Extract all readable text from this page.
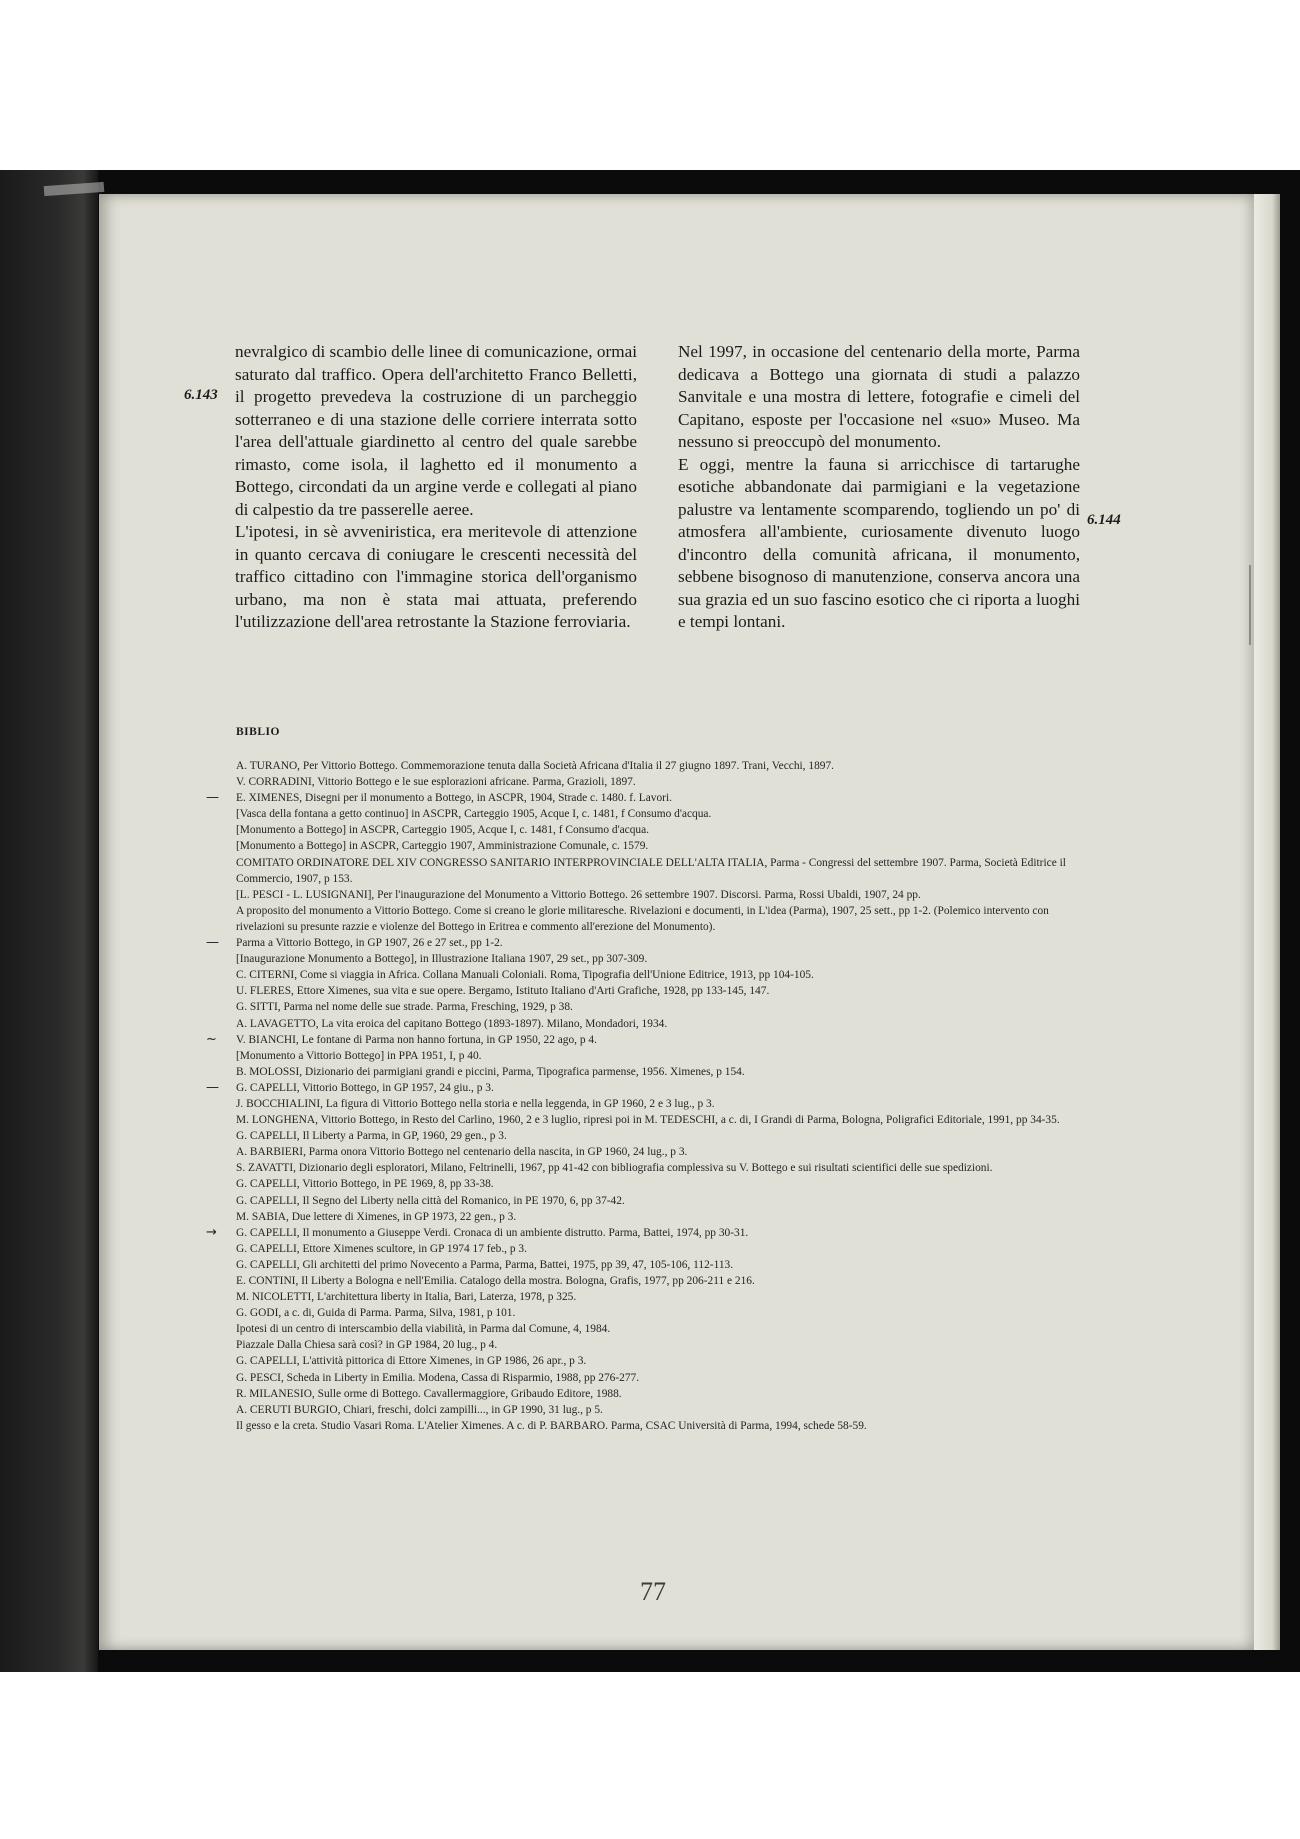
nevralgico di scambio delle linee di comunicazione, ormai saturato dal traffico. Opera dell'architetto Franco Belletti, il progetto prevedeva la costruzione di un parcheggio sotterraneo e di una stazione delle corriere interrata sotto l'area dell'attuale giardinetto al centro del quale sarebbe rimasto, come isola, il laghetto ed il monumento a Bottego, circondati da un argine verde e collegati al piano di calpestio da tre passerelle aeree.

L'ipotesi, in sè avveniristica, era meritevole di attenzione in quanto cercava di coniugare le crescenti necessità del traffico cittadino con l'immagine storica dell'organismo urbano, ma non è stata mai attuata, preferendo l'utilizzazione dell'area retrostante la Stazione ferroviaria.

Nel 1997, in occasione del centenario della morte, Parma dedicava a Bottego una giornata di studi a palazzo Sanvitale e una mostra di lettere, fotografie e cimeli del Capitano, esposte per l'occasione nel «suo» Museo. Ma nessuno si preoccupò del monumento.

E oggi, mentre la fauna si arricchisce di tartarughe esotiche abbandonate dai parmigiani e la vegetazione palustre va lentamente scomparendo, togliendo un po' di atmosfera all'ambiente, curiosamente divenuto luogo d'incontro della comunità africana, il monumento, sebbene bisognoso di manutenzione, conserva ancora una sua grazia ed un suo fascino esotico che ci riporta a luoghi e tempi lontani.

6.143
6.144
BIBLIO
A. TURANO, Per Vittorio Bottego. Commemorazione tenuta dalla Società Africana d'Italia il 27 giugno 1897. Trani, Vecchi, 1897.
V. CORRADINI, Vittorio Bottego e le sue esplorazioni africane. Parma, Grazioli, 1897.
— E. XIMENES, Disegni per il monumento a Bottego, in ASCPR, 1904, Strade c. 1480. f. Lavori.
[Vasca della fontana a getto continuo] in ASCPR, Carteggio 1905, Acque I, c. 1481, f Consumo d'acqua.
[Monumento a Bottego] in ASCPR, Carteggio 1905, Acque I, c. 1481, f Consumo d'acqua.
[Monumento a Bottego] in ASCPR, Carteggio 1907, Amministrazione Comunale, c. 1579.
COMITATO ORDINATORE DEL XIV CONGRESSO SANITARIO INTERPROVINCIALE DELL'ALTA ITALIA, Parma - Congressi del settembre 1907. Parma, Società Editrice il Commercio, 1907, p 153.
[L. PESCI - L. LUSIGNANI], Per l'inaugurazione del Monumento a Vittorio Bottego. 26 settembre 1907. Discorsi. Parma, Rossi Ubaldi, 1907, 24 pp.
A proposito del monumento a Vittorio Bottego. Come si creano le glorie militaresche. Rivelazioni e documenti, in L'idea (Parma), 1907, 25 sett., pp 1-2. (Polemico intervento con rivelazioni su presunte razzie e violenze del Bottego in Eritrea e commento all'erezione del Monumento).
— Parma a Vittorio Bottego, in GP 1907, 26 e 27 set., pp 1-2.
[Inaugurazione Monumento a Bottego], in Illustrazione Italiana 1907, 29 set., pp 307-309.
C. CITERNI, Come si viaggia in Africa. Collana Manuali Coloniali. Roma, Tipografia dell'Unione Editrice, 1913, pp 104-105.
U. FLERES, Ettore Ximenes, sua vita e sue opere. Bergamo, Istituto Italiano d'Arti Grafiche, 1928, pp 133-145, 147.
G. SITTI, Parma nel nome delle sue strade. Parma, Fresching, 1929, p 38.
A. LAVAGETTO, La vita eroica del capitano Bottego (1893-1897). Milano, Mondadori, 1934.
~ V. BIANCHI, Le fontane di Parma non hanno fortuna, in GP 1950, 22 ago, p 4.
[Monumento a Vittorio Bottego] in PPA 1951, I, p 40.
B. MOLOSSI, Dizionario dei parmigiani grandi e piccini, Parma, Tipografica parmense, 1956. Ximenes, p 154.
— G. CAPELLI, Vittorio Bottego, in GP 1957, 24 giu., p 3.
J. BOCCHIALINI, La figura di Vittorio Bottego nella storia e nella leggenda, in GP 1960, 2 e 3 lug., p 3.
M. LONGHENA, Vittorio Bottego, in Resto del Carlino, 1960, 2 e 3 luglio, ripresi poi in M. TEDESCHI, a c. di, I Grandi di Parma, Bologna, Poligrafici Editoriale, 1991, pp 34-35.
G. CAPELLI, Il Liberty a Parma, in GP, 1960, 29 gen., p 3.
A. BARBIERI, Parma onora Vittorio Bottego nel centenario della nascita, in GP 1960, 24 lug., p 3.
S. ZAVATTI, Dizionario degli esploratori, Milano, Feltrinelli, 1967, pp 41-42 con bibliografia complessiva su V. Bottego e sui risultati scientifici delle sue spedizioni.
G. CAPELLI, Vittorio Bottego, in PE 1969, 8, pp 33-38.
G. CAPELLI, Il Segno del Liberty nella città del Romanico, in PE 1970, 6, pp 37-42.
M. SABIA, Due lettere di Ximenes, in GP 1973, 22 gen., p 3.
→ G. CAPELLI, Il monumento a Giuseppe Verdi. Cronaca di un ambiente distrutto. Parma, Battei, 1974, pp 30-31.
G. CAPELLI, Ettore Ximenes scultore, in GP 1974 17 feb., p 3.
G. CAPELLI, Gli architetti del primo Novecento a Parma, Parma, Battei, 1975, pp 39, 47, 105-106, 112-113.
E. CONTINI, Il Liberty a Bologna e nell'Emilia. Catalogo della mostra. Bologna, Grafis, 1977, pp 206-211 e 216.
M. NICOLETTI, L'architettura liberty in Italia, Bari, Laterza, 1978, p 325.
G. GODI, a c. di, Guida di Parma. Parma, Silva, 1981, p 101.
Ipotesi di un centro di interscambio della viabilità, in Parma dal Comune, 4, 1984.
Piazzale Dalla Chiesa sarà così? in GP 1984, 20 lug., p 4.
G. CAPELLI, L'attività pittorica di Ettore Ximenes, in GP 1986, 26 apr., p 3.
G. PESCI, Scheda in Liberty in Emilia. Modena, Cassa di Risparmio, 1988, pp 276-277.
R. MILANESIO, Sulle orme di Bottego. Cavallermaggiore, Gribaudo Editore, 1988.
A. CERUTI BURGIO, Chiari, freschi, dolci zampilli..., in GP 1990, 31 lug., p 5.
Il gesso e la creta. Studio Vasari Roma. L'Atelier Ximenes. A c. di P. BARBARO. Parma, CSAC Università di Parma, 1994, schede 58-59.
77
